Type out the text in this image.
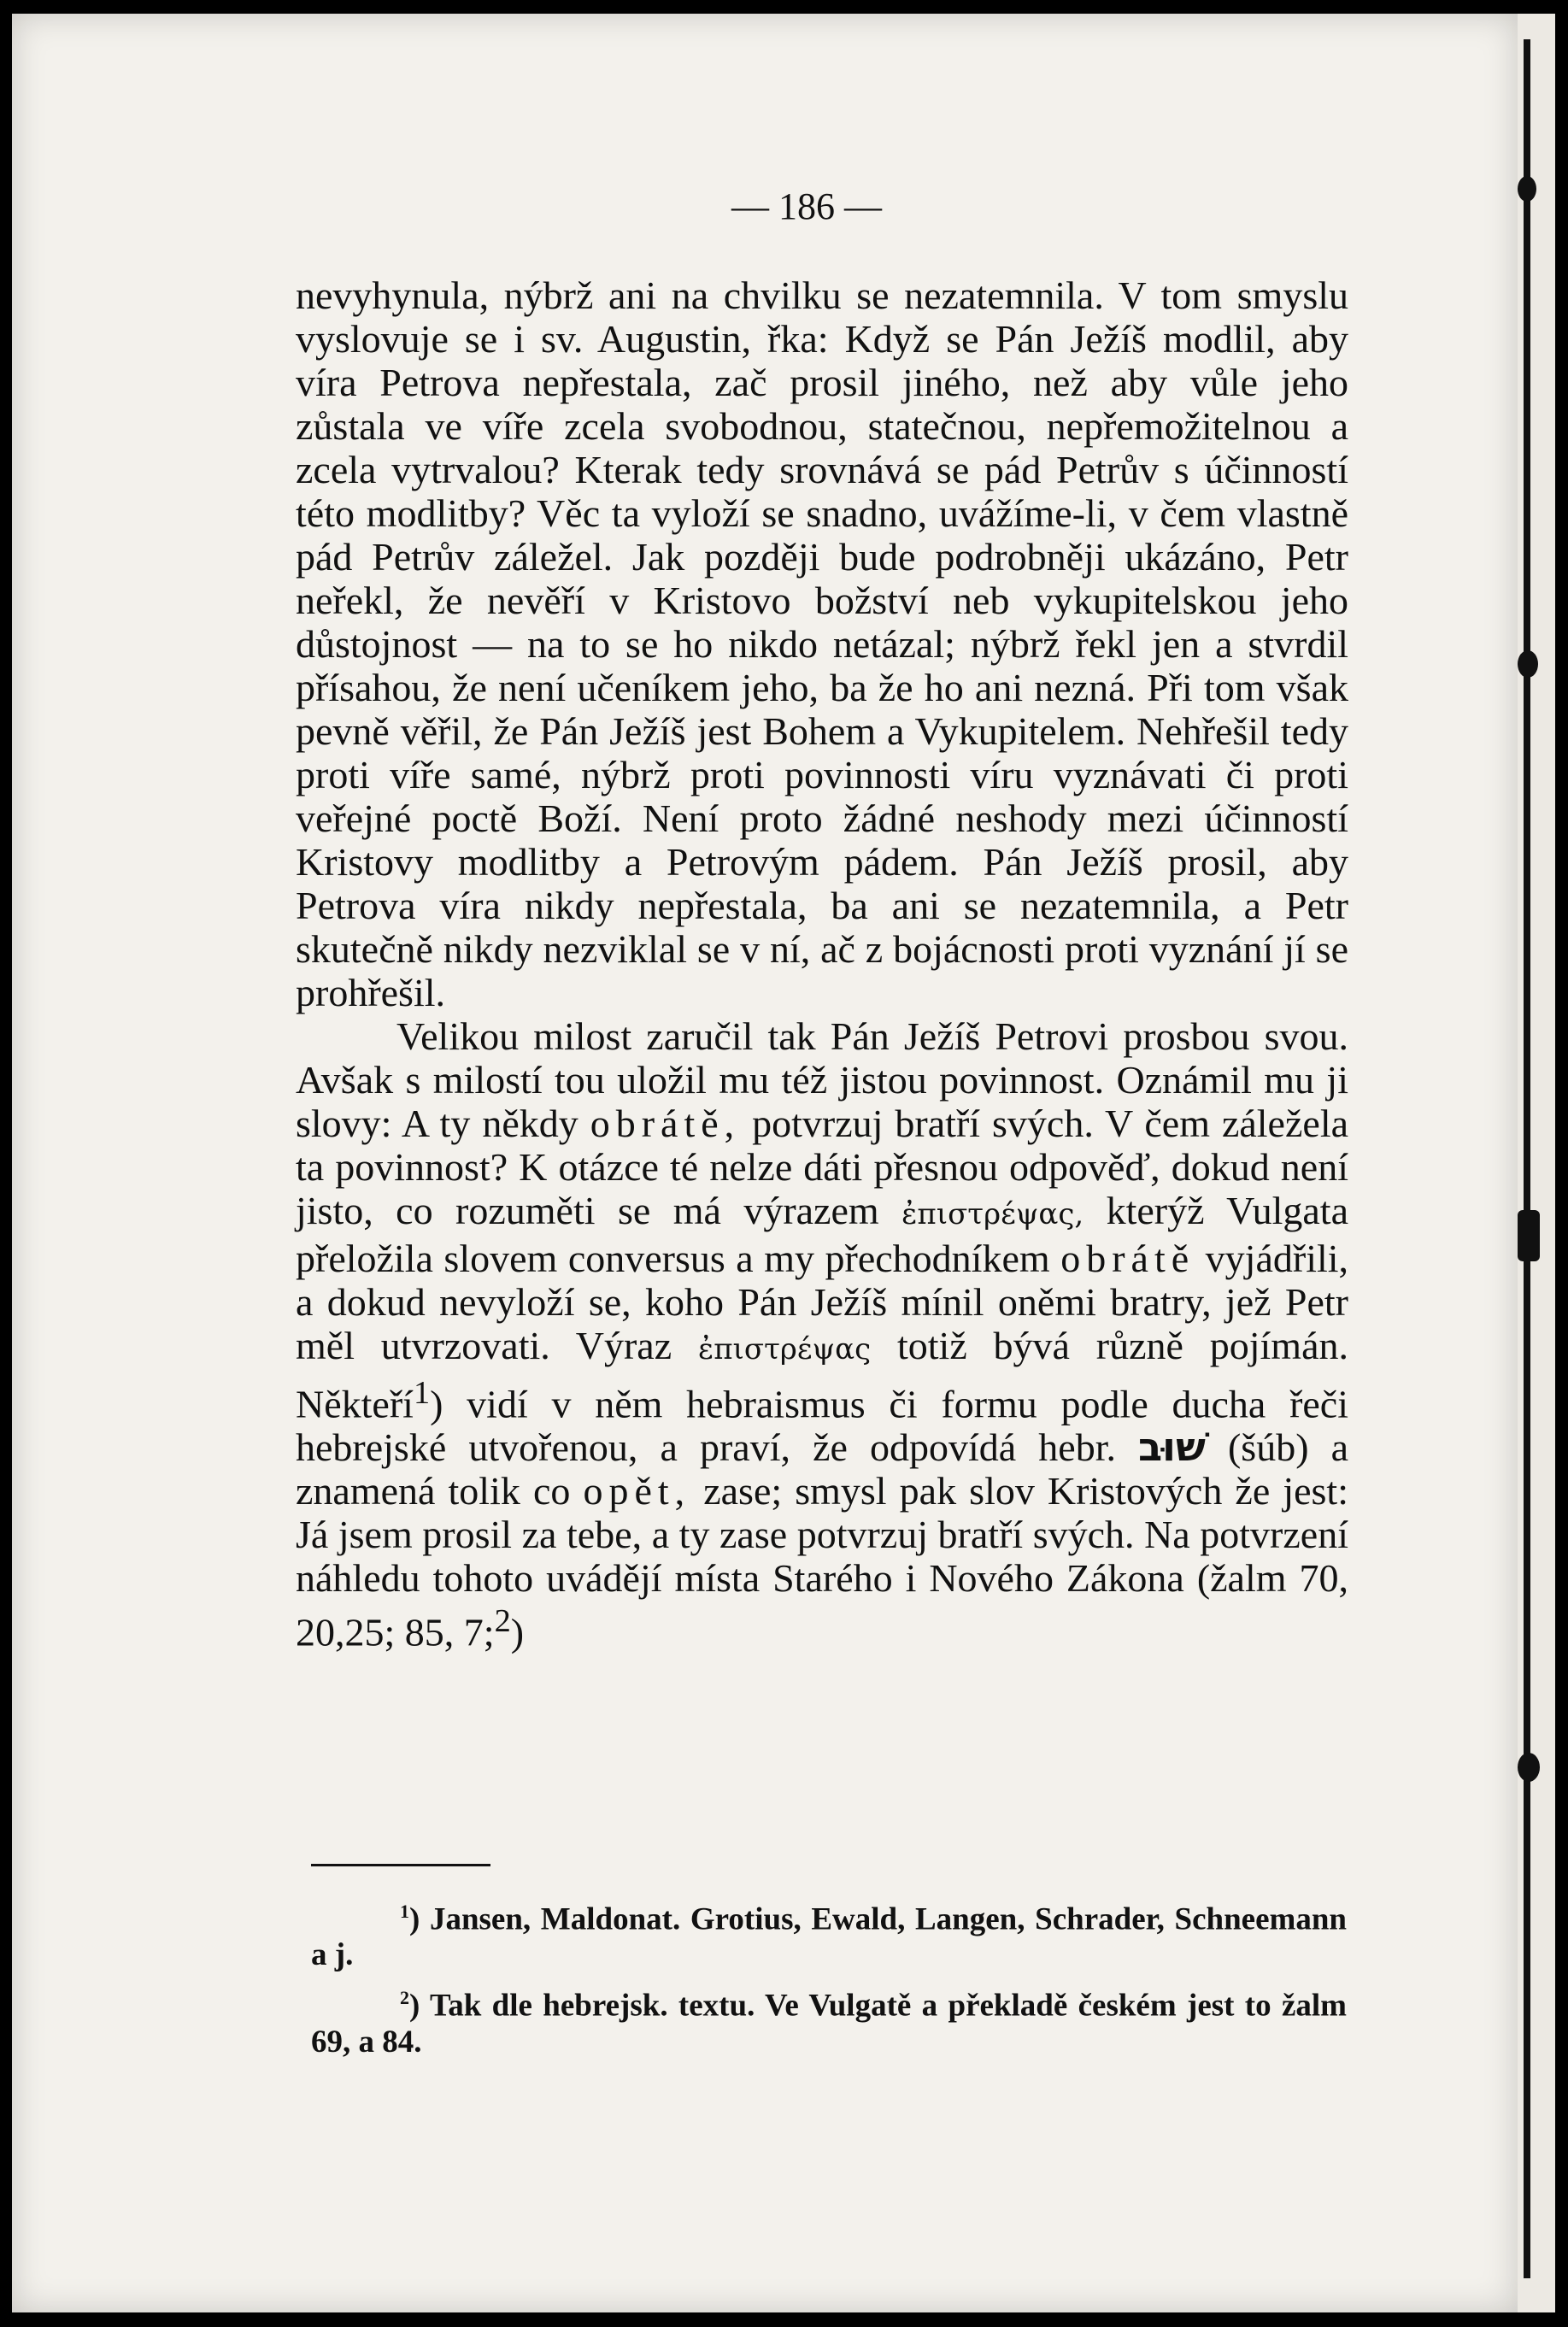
— 186 —

nevyhynula, nýbrž ani na chvilku se nezatemnila. V tom smyslu vyslovuje se i sv. Augustin, řka: Když se Pán Ježíš modlil, aby víra Petrova nepřestala, zač prosil jiného, než aby vůle jeho zůstala ve víře zcela svobodnou, statečnou, nepřemožitelnou a zcela vytrvalou? Kterak tedy srovnává se pád Petrův s účinností této modlitby? Věc ta vyloží se snadno, uvážíme-li, v čem vlastně pád Petrův záležel. Jak později bude podrobněji ukázáno, Petr neřekl, že nevěří v Kristovo božství neb vykupitelskou jeho důstojnost — na to se ho nikdo netázal; nýbrž řekl jen a stvrdil přísahou, že není učeníkem jeho, ba že ho ani nezná. Při tom však pevně věřil, že Pán Ježíš jest Bohem a Vykupitelem. Nehřešil tedy proti víře samé, nýbrž proti povinnosti víru vyznávati či proti veřejné poctě Boží. Není proto žádné neshody mezi účinností Kristovy modlitby a Petrovým pádem. Pán Ježíš prosil, aby Petrova víra nikdy nepřestala, ba ani se nezatemnila, a Petr skutečně nikdy nezviklal se v ní, ač z bojácnosti proti vyznání jí se prohřešil.

Velikou milost zaručil tak Pán Ježíš Petrovi prosbou svou. Avšak s milostí tou uložil mu též jistou povinnost. Oznámil mu ji slovy: A ty někdy obrátě, potvrzuj bratří svých. V čem záležela ta povinnost? K otázce té nelze dáti přesnou odpověď, dokud není jisto, co rozuměti se má výrazem ἐπιστρέψας, kterýž Vulgata přeložila slovem conversus a my přechodníkem obrátě vyjádřili, a dokud nevyloží se, koho Pán Ježíš mínil oněmi bratry, jež Petr měl utvrzovati. Výraz ἐπιστρέψας totiž bývá různě pojímán. Někteří$^1$) vidí v něm hebraismus či formu podle ducha řeči hebrejské utvořenou, a praví, že odpovídá hebr. שׁוּב (šúb) a znamená tolik co opět, zase; smysl pak slov Kristových že jest: Já jsem prosil za tebe, a ty zase potvrzuj bratří svých. Na potvrzení náhledu tohoto uvádějí místa Starého i Nového Zákona (žalm 70, 20,25; 85, 7;$^2$)

$^1$) Jansen, Maldonat. Grotius, Ewald, Langen, Schrader, Schneemann a j.

$^2$) Tak dle hebrejsk. textu. Ve Vulgatě a překladě českém jest to žalm 69, a 84.
